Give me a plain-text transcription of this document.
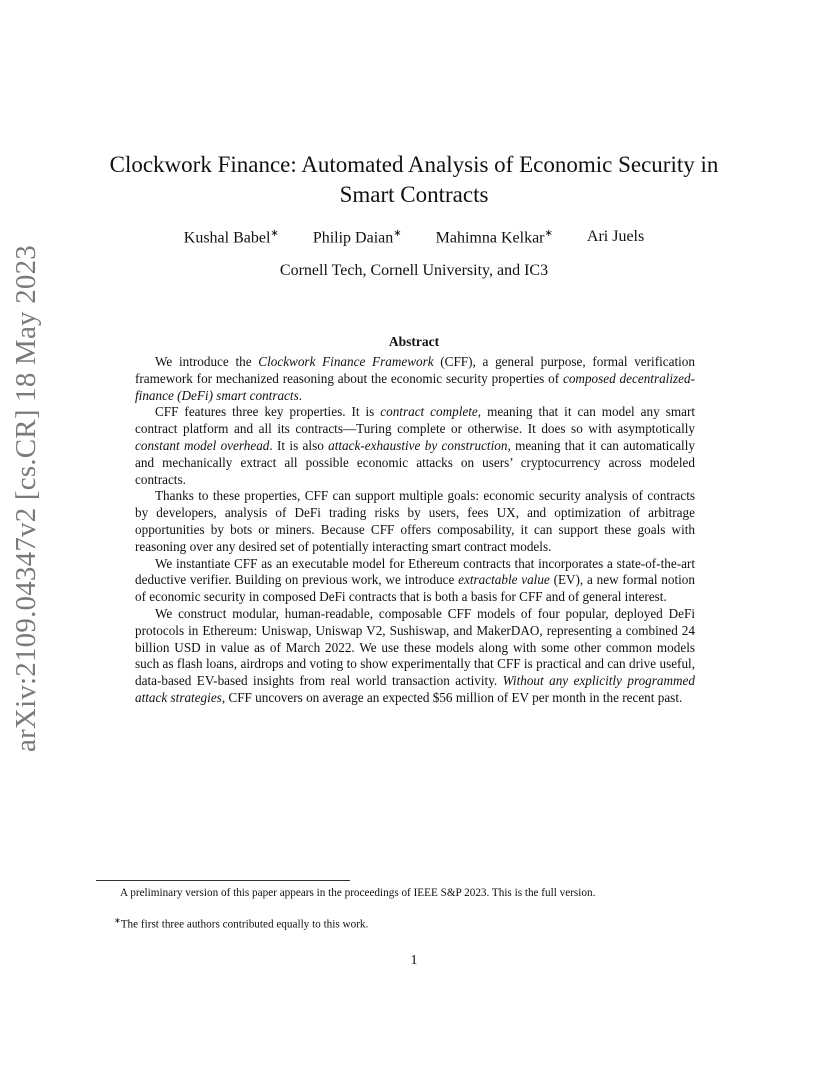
arXiv:2109.04347v2 [cs.CR] 18 May 2023
Clockwork Finance: Automated Analysis of Economic Security in Smart Contracts
Kushal Babel∗ Philip Daian∗ Mahimna Kelkar∗ Ari Juels
Cornell Tech, Cornell University, and IC3
Abstract

We introduce the Clockwork Finance Framework (CFF), a general purpose, formal verification framework for mechanized reasoning about the economic security properties of composed decentralized-finance (DeFi) smart contracts.

CFF features three key properties. It is contract complete, meaning that it can model any smart contract platform and all its contracts—Turing complete or otherwise. It does so with asymptotically constant model overhead. It is also attack-exhaustive by construction, meaning that it can automatically and mechanically extract all possible economic attacks on users’ cryptocurrency across modeled contracts.

Thanks to these properties, CFF can support multiple goals: economic security analysis of contracts by developers, analysis of DeFi trading risks by users, fees UX, and optimization of arbitrage opportunities by bots or miners. Because CFF offers composability, it can support these goals with reasoning over any desired set of potentially interacting smart contract models.

We instantiate CFF as an executable model for Ethereum contracts that incorporates a state-of-the-art deductive verifier. Building on previous work, we introduce extractable value (EV), a new formal notion of economic security in composed DeFi contracts that is both a basis for CFF and of general interest.

We construct modular, human-readable, composable CFF models of four popular, deployed DeFi protocols in Ethereum: Uniswap, Uniswap V2, Sushiswap, and MakerDAO, representing a combined 24 billion USD in value as of March 2022. We use these models along with some other common models such as flash loans, airdrops and voting to show experimentally that CFF is practical and can drive useful, data-based EV-based insights from real world transaction activity. Without any explicitly programmed attack strategies, CFF uncovers on average an expected $56 million of EV per month in the recent past.

A preliminary version of this paper appears in the proceedings of IEEE S&P 2023. This is the full version.
∗The first three authors contributed equally to this work.
1
